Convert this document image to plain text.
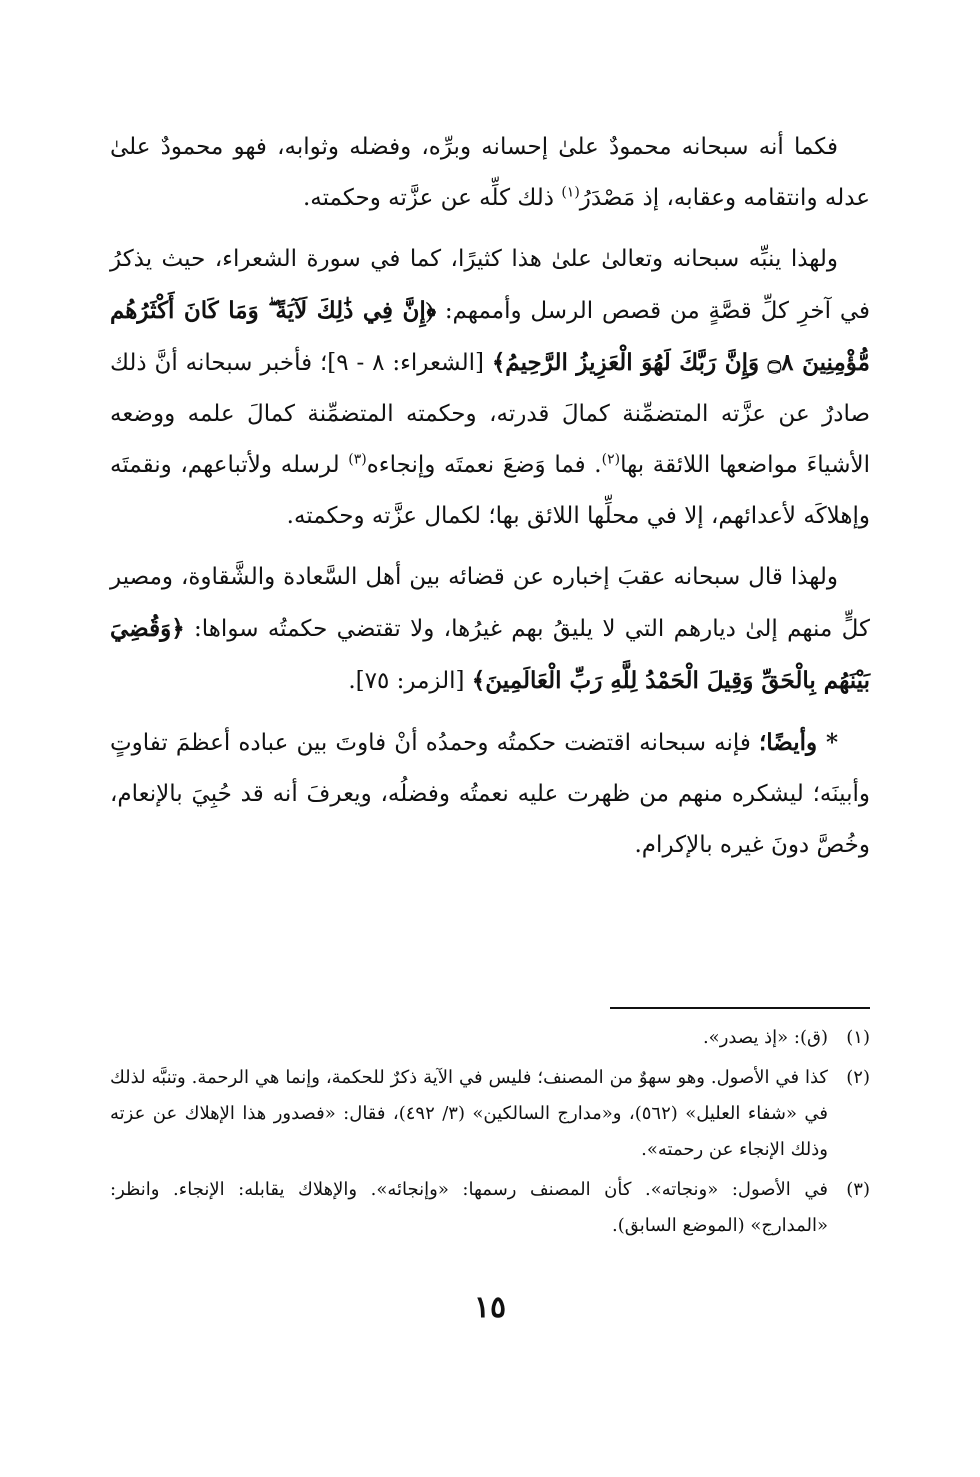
فكما أنه سبحانه محمودٌ علىٰ إحسانه وبرِّه، وفضله وثوابه، فهو محمودٌ علىٰ عدله وانتقامه وعقابه، إذ مَصْدَرُ$^{(١)}$ ذلك كلِّه عن عزَّته وحكمته.

ولهذا ينبِّه سبحانه وتعالىٰ علىٰ هذا كثيرًا، كما في سورة الشعراء، حيث يذكرُ في آخرِ كلِّ قصَّةٍ من قصص الرسل وأممهم: ﴿إِنَّ فِي ذَٰلِكَ لَآيَةً ۖ وَمَا كَانَ أَكْثَرُهُم مُّؤْمِنِينَ ۝٨ وَإِنَّ رَبَّكَ لَهُوَ الْعَزِيزُ الرَّحِيمُ﴾ [الشعراء: ٨ - ٩]؛ فأخبر سبحانه أنَّ ذلك صادرٌ عن عزَّته المتضمِّنة كمالَ قدرته، وحكمته المتضمِّنة كمالَ علمه ووضعه الأشياءَ مواضعها اللائقة بها$^{(٢)}$. فما وَضعَ نعمتَه وإنجاءه$^{(٣)}$ لرسله ولأتباعهم، ونقمتَه وإهلاكَه لأعدائهم، إلا في محلِّها اللائق بها؛ لكمال عزَّته وحكمته.

ولهذا قال سبحانه عقبَ إخباره عن قضائه بين أهل السَّعادة والشَّقاوة، ومصير كلٍّ منهم إلىٰ ديارهم التي لا يليقُ بهم غيرُها، ولا تقتضي حكمتُه سواها: ﴿وَقُضِيَ بَيْنَهُم بِالْحَقِّ وَقِيلَ الْحَمْدُ لِلَّهِ رَبِّ الْعَالَمِينَ﴾ [الزمر: ٧٥].

* وأيضًا؛ فإنه سبحانه اقتضت حكمتُه وحمدُه أنْ فاوتَ بين عباده أعظمَ تفاوتٍ وأبينَه؛ ليشكره منهم من ظهرت عليه نعمتُه وفضلُه، ويعرفَ أنه قد حُبِيَ بالإنعام، وخُصَّ دونَ غيره بالإكرام.

(١)
(ق): «إذ يصدر».
(٢)
كذا في الأصول. وهو سهوٌ من المصنف؛ فليس في الآية ذكرٌ للحكمة، وإنما هي الرحمة. وتنبَّه لذلك في «شفاء العليل» (٥٦٢)، و«مدارج السالكين» (٣/ ٤٩٢)، فقال: «فصدور هذا الإهلاك عن عزته وذلك الإنجاء عن رحمته».
(٣)
في الأصول: «ونجاته». كأن المصنف رسمها: «وإنجائه». والإهلاك يقابله: الإنجاء. وانظر: «المدارج» (الموضع السابق).
١٥
